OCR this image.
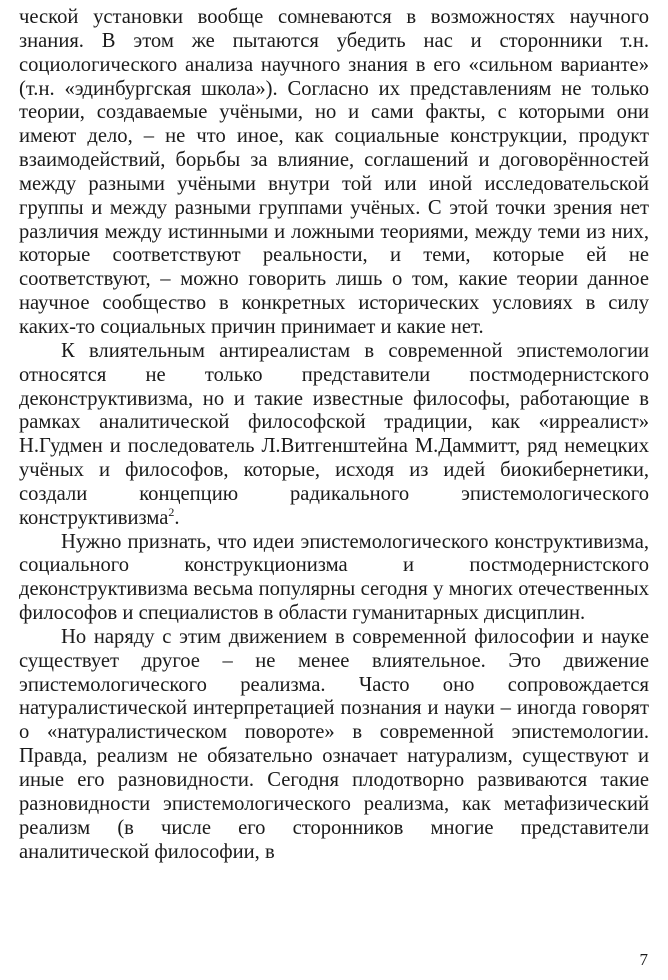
ческой установки вообще сомневаются в возможностях научного знания. В этом же пытаются убедить нас и сторонники т.н. социологического анализа научного знания в его «сильном варианте» (т.н. «эдинбургская школа»). Согласно их представлениям не только теории, создаваемые учёными, но и сами факты, с которыми они имеют дело, – не что иное, как социальные конструкции, продукт взаимодействий, борьбы за влияние, соглашений и договорённостей между разными учёными внутри той или иной исследовательской группы и между разными группами учёных. С этой точки зрения нет различия между истинными и ложными теориями, между теми из них, которые соответствуют реальности, и теми, которые ей не соответствуют, – можно говорить лишь о том, какие теории данное научное сообщество в конкретных исторических условиях в силу каких-то социальных причин принимает и какие нет.

К влиятельным антиреалистам в современной эпистемологии относятся не только представители постмодернистского деконструктивизма, но и такие известные философы, работающие в рамках аналитической философской традиции, как «ирреалист» Н.Гудмен и последователь Л.Витгенштейна М.Даммитт, ряд немецких учёных и философов, которые, исходя из идей биокибернетики, создали концепцию радикального эпистемологического конструктивизма$^2$.

Нужно признать, что идеи эпистемологического конструктивизма, социального конструкционизма и постмодернистского деконструктивизма весьма популярны сегодня у многих отечественных философов и специалистов в области гуманитарных дисциплин.

Но наряду с этим движением в современной философии и науке существует другое – не менее влиятельное. Это движение эпистемологического реализма. Часто оно сопровождается натуралистической интерпретацией познания и науки – иногда говорят о «натуралистическом повороте» в современной эпистемологии. Правда, реализм не обязательно означает натурализм, существуют и иные его разновидности. Сегодня плодотворно развиваются такие разновидности эпистемологического реализма, как метафизический реализм (в числе его сторонников многие представители аналитической философии, в

7
